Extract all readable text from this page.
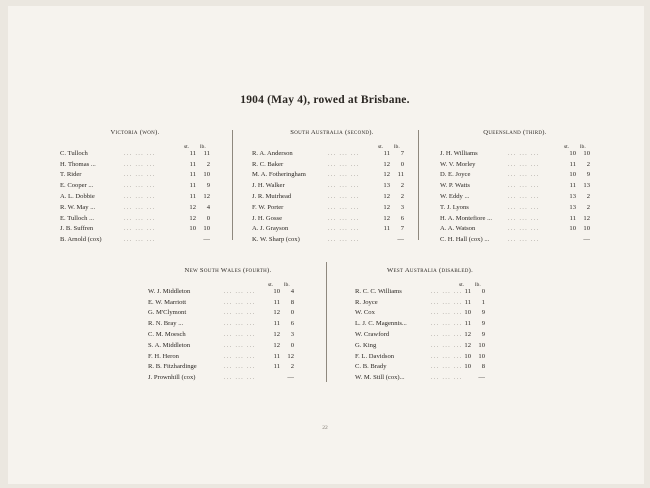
1904 (May 4), rowed at Brisbane.
Victoria (won).
st. lb.
C. Tulloch	... ... ...	11	11
H. Thomas ...	... ... ...	11	2
T. Rider	... ... ...	11	10
E. Cooper ...	... ... ...	11	9
A. L. Dobbie	... ... ...	11	12
R. W. May ...	... ... ...	12	4
E. Tulloch ...	... ... ...	12	0
J. B. Suffren	... ... ...	10	10
B. Arnold (cox)	... ... ...	—
South Australia (second).
st. lb.
R. A. Anderson	... ... ...	11	7
R. C. Baker	... ... ...	12	0
M. A. Fotheringham	... ... ...	12	11
J. H. Walker	... ... ...	13	2
J. R. Muirhead	... ... ...	12	2
F. W. Porter	... ... ...	12	3
J. H. Gosse	... ... ...	12	6
A. J. Grayson	... ... ...	11	7
K. W. Sharp (cox)	... ... ...	—
Queensland (third).
st. lb.
J. H. Williams	... ... ...	10	10
W. V. Morley	... ... ...	11	2
D. E. Joyce	... ... ...	10	9
W. P. Watts	... ... ...	11	13
W. Eddy ...	... ... ...	13	2
T. J. Lyons	... ... ...	13	2
H. A. Montefiore ...	... ... ...	11	12
A. A. Watson	... ... ...	10	10
C. H. Hall (cox) ...	... ... ...	—
New South Wales (fourth).
st. lb.
W. J. Middleton	... ... ...	10	4
E. W. Marriott	... ... ...	11	8
G. M'Clymont	... ... ...	12	0
R. N. Bray ...	... ... ...	11	6
C. M. Moesch	... ... ...	12	3
S. A. Middleton	... ... ...	12	0
F. H. Heron	... ... ...	11	12
R. B. Fitzhardinge	... ... ...	11	2
J. Prownhill (cox)	... ... ...	—
West Australia (disabled).
st. lb.
R. C. C. Williams	... ... ... 11	0
R. Joyce	... ... ... 11	1
W. Cox	... ... ... 10	9
L. J. C. Magennis...	... ... ... 11	9
W. Crawford	... ... ... 12	9
G. King	... ... ... 12	10
F. L. Davidson	... ... ... 10	10
C. B. Brady	... ... ... 10	8
W. M. Still (cox)...	... ... ...	—
22
